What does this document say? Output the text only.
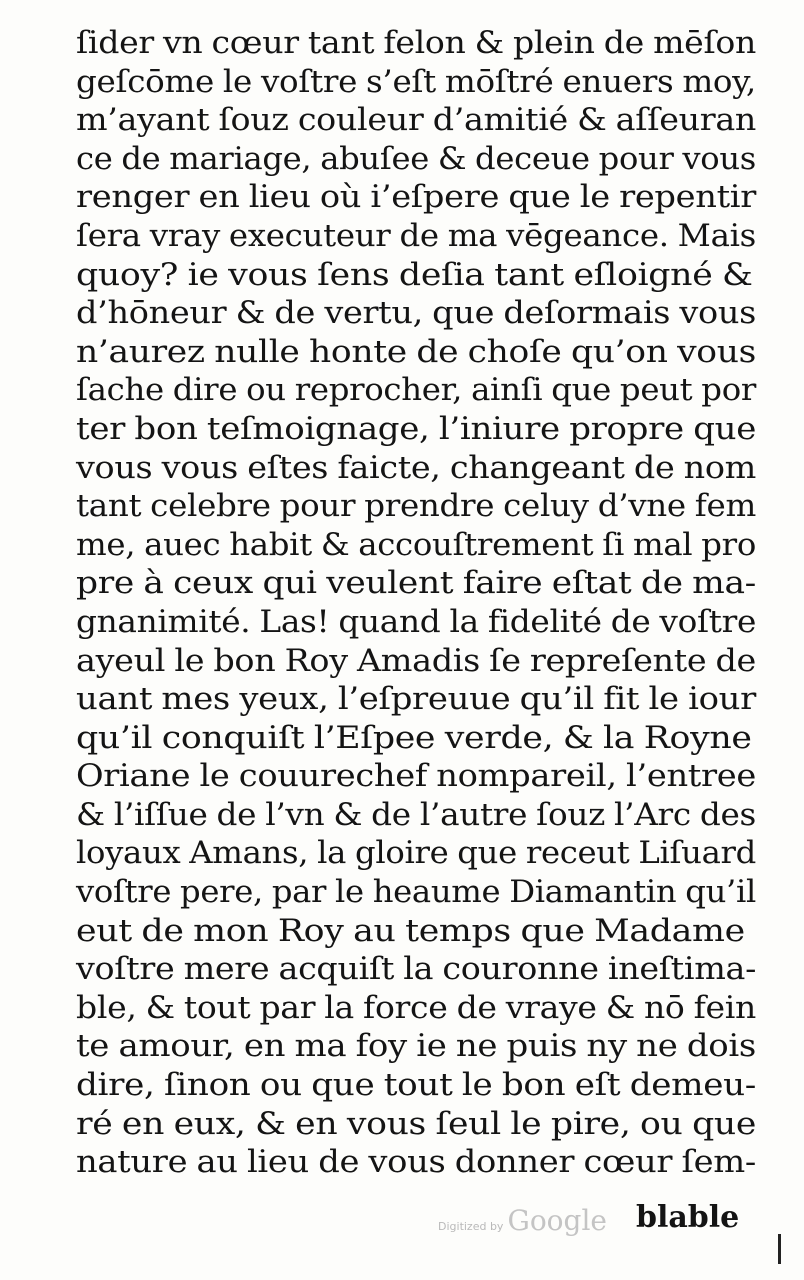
ſider vn cœur tant felon & plein de mēſon
geſcōme le voſtre s’eſt mōſtré enuers moy,
m’ayant ſouz couleur d’amitié & aſſeuran
ce de mariage, abuſee & deceue pour vous
renger en lieu où i’eſpere que le repentir
ſera vray executeur de ma vēgeance. Mais
quoy? ie vous ſens deſia tant eſloigné &
d’hōneur & de vertu, que deſormais vous
n’aurez nulle honte de choſe qu’on vous
ſache dire ou reprocher, ainſi que peut por
ter bon teſmoignage, l’iniure propre que
vous vous eſtes faicte, changeant de nom
tant celebre pour prendre celuy d’vne fem
me, auec habit & accouſtrement ſi mal pro
pre à ceux qui veulent faire eſtat de ma-
gnanimité. Las! quand la fidelité de voſtre
ayeul le bon Roy Amadis ſe repreſente de
uant mes yeux, l’eſpreuue qu’il fit le iour
qu’il conquiſt l’Eſpee verde, & la Royne
Oriane le couurechef nompareil, l’entree
& l’iſſue de l’vn & de l’autre ſouz l’Arc des
loyaux Amans, la gloire que receut Liſuard
voſtre pere, par le heaume Diamantin qu’il
eut de mon Roy au temps que Madame
voſtre mere acquiſt la couronne ineſtima-
ble, & tout par la force de vraye & nō fein
te amour, en ma foy ie ne puis ny ne dois
dire, ſinon ou que tout le bon eſt demeu-
ré en eux, & en vous ſeul le pire, ou que
nature au lieu de vous donner cœur ſem-
Digitized by Google blable
